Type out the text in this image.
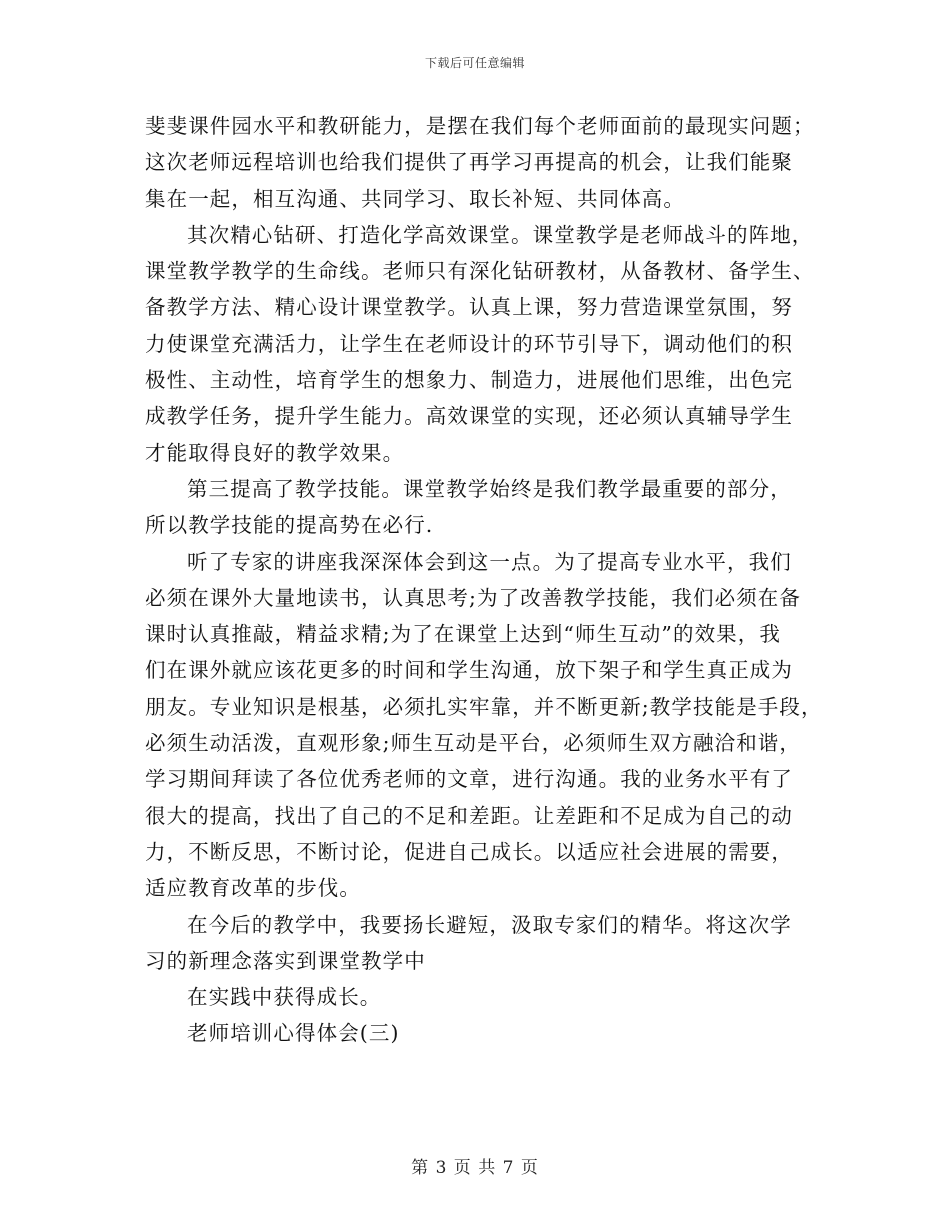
下载后可任意编辑
斐斐课件园水平和教研能力，是摆在我们每个老师面前的最现实问题；
这次老师远程培训也给我们提供了再学习再提高的机会，让我们能聚
集在一起，相互沟通、共同学习、取长补短、共同体高。
其次精心钻研、打造化学高效课堂。课堂教学是老师战斗的阵地，
课堂教学教学的生命线。老师只有深化钻研教材，从备教材、备学生、
备教学方法、精心设计课堂教学。认真上课，努力营造课堂氛围，努
力使课堂充满活力，让学生在老师设计的环节引导下，调动他们的积
极性、主动性，培育学生的想象力、制造力，进展他们思维，出色完
成教学任务，提升学生能力。高效课堂的实现，还必须认真辅导学生
才能取得良好的教学效果。
第三提高了教学技能。课堂教学始终是我们教学最重要的部分，
所以教学技能的提高势在必行.
听了专家的讲座我深深体会到这一点。为了提高专业水平，我们
必须在课外大量地读书，认真思考;为了改善教学技能，我们必须在备
课时认真推敲，精益求精;为了在课堂上达到“师生互动”的效果，我
们在课外就应该花更多的时间和学生沟通，放下架子和学生真正成为
朋友。专业知识是根基，必须扎实牢靠，并不断更新;教学技能是手段，
必须生动活泼，直观形象;师生互动是平台，必须师生双方融洽和谐，
学习期间拜读了各位优秀老师的文章，进行沟通。我的业务水平有了
很大的提高，找出了自己的不足和差距。让差距和不足成为自己的动
力，不断反思，不断讨论，促进自己成长。以适应社会进展的需要，
适应教育改革的步伐。
在今后的教学中，我要扬长避短，汲取专家们的精华。将这次学
习的新理念落实到课堂教学中
在实践中获得成长。
老师培训心得体会(三)
第 3 页 共 7 页
